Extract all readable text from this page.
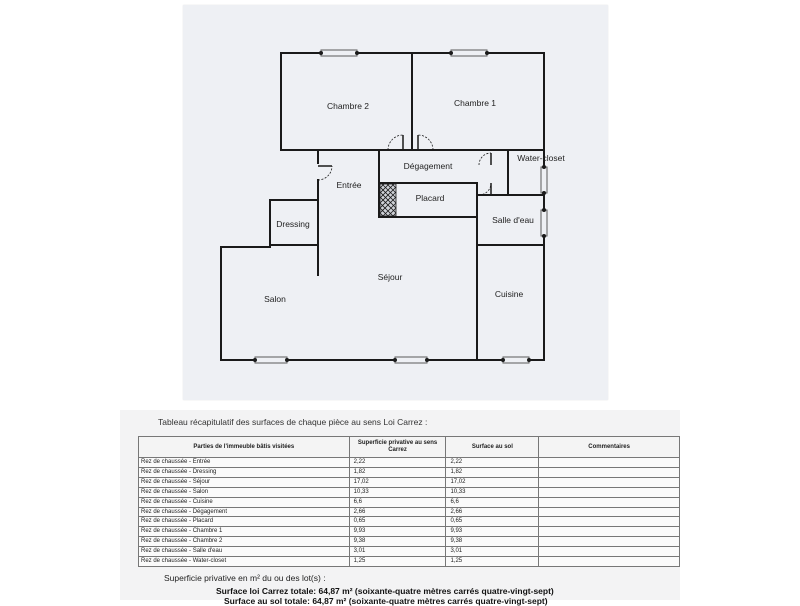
Chambre 2	Chambre 1
Dégagement
Water-closet
Entrée
Placard
Salle d'eau
Dressing
Séjour
Salon	Cuisine
Tableau récapitulatif des surfaces de chaque pièce au sens Loi Carrez :
Parties de l'immeuble bâtis visitées	Superficie privative au sens Carrez	Surface au sol	Commentaires
Rez de chaussée - Entrée	2,22	2,22	
Rez de chaussée - Dressing	1,82	1,82	
Rez de chaussée - Séjour	17,02	17,02	
Rez de chaussée - Salon	10,33	10,33	
Rez de chaussée - Cuisine	6,6	6,6	
Rez de chaussée - Dégagement	2,66	2,66	
Rez de chaussée - Placard	0,65	0,65	
Rez de chaussée - Chambre 1	9,93	9,93	
Rez de chaussée - Chambre 2	9,38	9,38	
Rez de chaussée - Salle d'eau	3,01	3,01	
Rez de chaussée - Water-closet	1,25	1,25	
Superficie privative en m² du ou des lot(s) :
Surface loi Carrez totale: 64,87 m² (soixante-quatre mètres carrés quatre-vingt-sept)
Surface au sol totale: 64,87 m² (soixante-quatre mètres carrés quatre-vingt-sept)
